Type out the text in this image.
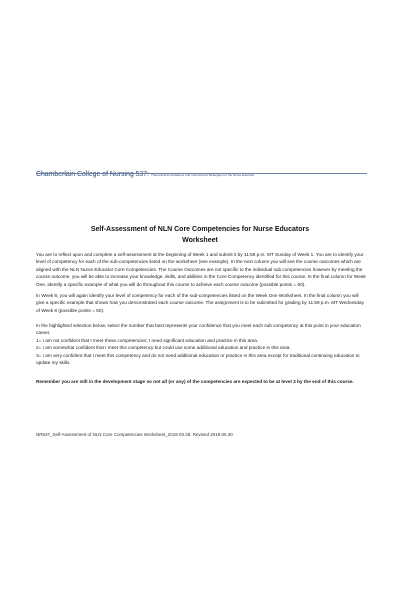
Chamberlain College of Nursing 537: Theoretical Foundations and Instructional Strategies for the Nurse Educator
Self-Assessment of NLN Core Competencies for Nurse Educators
Worksheet

You are to reflect upon and complete a self-assessment at the beginning of Week 1 and submit it by 11:59 p.m. MT Sunday of Week 1. You are to identify your level of competency for each of the sub-competencies listed on the worksheet (see example). In the next column you will see the course outcomes which are aligned with the NLN Nurse Educator Core Competencies. The Course Outcomes are not specific to the individual sub competencies however by meeting the course outcome, you will be able to increase your knowledge, skills, and abilities in the Core Competency identified for this course. In the final column for Week One, identify a specific example of what you will do throughout this course to achieve each course outcome (possible points = 50).

In Week 8, you will again identify your level of competency for each of the sub-competencies listed on the Week One Worksheet. In the final column you will give a specific example that shows how you demonstrated each course outcome. The assignment is to be submitted for grading by 11:59 p.m. MT Wednesday of Week 8 (possible points = 50).

In the highlighted selection below, select the number that best represents your confidence that you meet each sub competency at this point in your education career.

1= I am not confident that I meet these competencies; I need significant education and practice in this area.

2= I am somewhat confident that I meet this competency but could use some additional education and practice in this area.

3= I am very confident that I meet this competency and do not need additional education or practice in this area except for traditional continuing education to update my skills.

Remember you are still in the development stage so not all (or any) of the competencies are expected to be at level 3 by the end of this course.

NR537_Self-Assessment of NLN Core Competencies Worksheet_2019.03.28. Revised 2019.05.30
